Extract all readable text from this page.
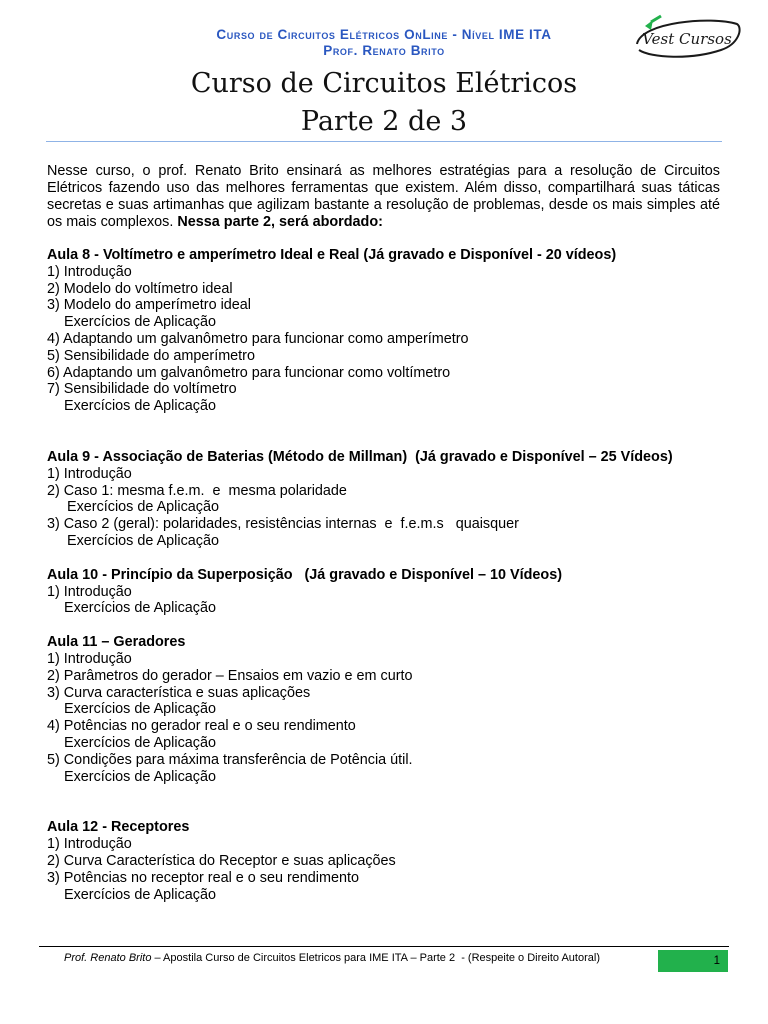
Curso de Circuitos Elétricos OnLine - Nível IME ITA
Prof. Renato Brito
Vest Cursos
Curso de Circuitos Elétricos
Parte 2 de 3
Nesse curso, o prof. Renato Brito ensinará as melhores estratégias para a resolução de Circuitos Elétricos fazendo uso das melhores ferramentas que existem. Além disso, compartilhará suas táticas secretas e suas artimanhas que agilizam bastante a resolução de problemas, desde os mais simples até os mais complexos. Nessa parte 2, será abordado:
Aula 8 - Voltímetro e amperímetro Ideal e Real (Já gravado e Disponível - 20 vídeos)
1) Introdução
2) Modelo do voltímetro ideal
3) Modelo do amperímetro ideal
Exercícios de Aplicação
4) Adaptando um galvanômetro para funcionar como amperímetro
5) Sensibilidade do amperímetro
6) Adaptando um galvanômetro para funcionar como voltímetro
7) Sensibilidade do voltímetro
Exercícios de Aplicação
Aula 9 - Associação de Baterias (Método de Millman)  (Já gravado e Disponível – 25 Vídeos)
1) Introdução
2) Caso 1: mesma f.e.m.  e  mesma polaridade
Exercícios de Aplicação
3) Caso 2 (geral): polaridades, resistências internas  e  f.e.m.s   quaisquer
Exercícios de Aplicação
Aula 10 - Princípio da Superposição   (Já gravado e Disponível – 10 Vídeos)
1) Introdução
Exercícios de Aplicação
Aula 11 – Geradores
1) Introdução
2) Parâmetros do gerador – Ensaios em vazio e em curto
3) Curva característica e suas aplicações
Exercícios de Aplicação
4) Potências no gerador real e o seu rendimento
Exercícios de Aplicação
5) Condições para máxima transferência de Potência útil.
Exercícios de Aplicação
Aula 12 - Receptores
1) Introdução
2) Curva Característica do Receptor e suas aplicações
3) Potências no receptor real e o seu rendimento
Exercícios de Aplicação
Prof. Renato Brito – Apostila Curso de Circuitos Eletricos para IME ITA – Parte 2  - (Respeite o Direito Autoral)	1
